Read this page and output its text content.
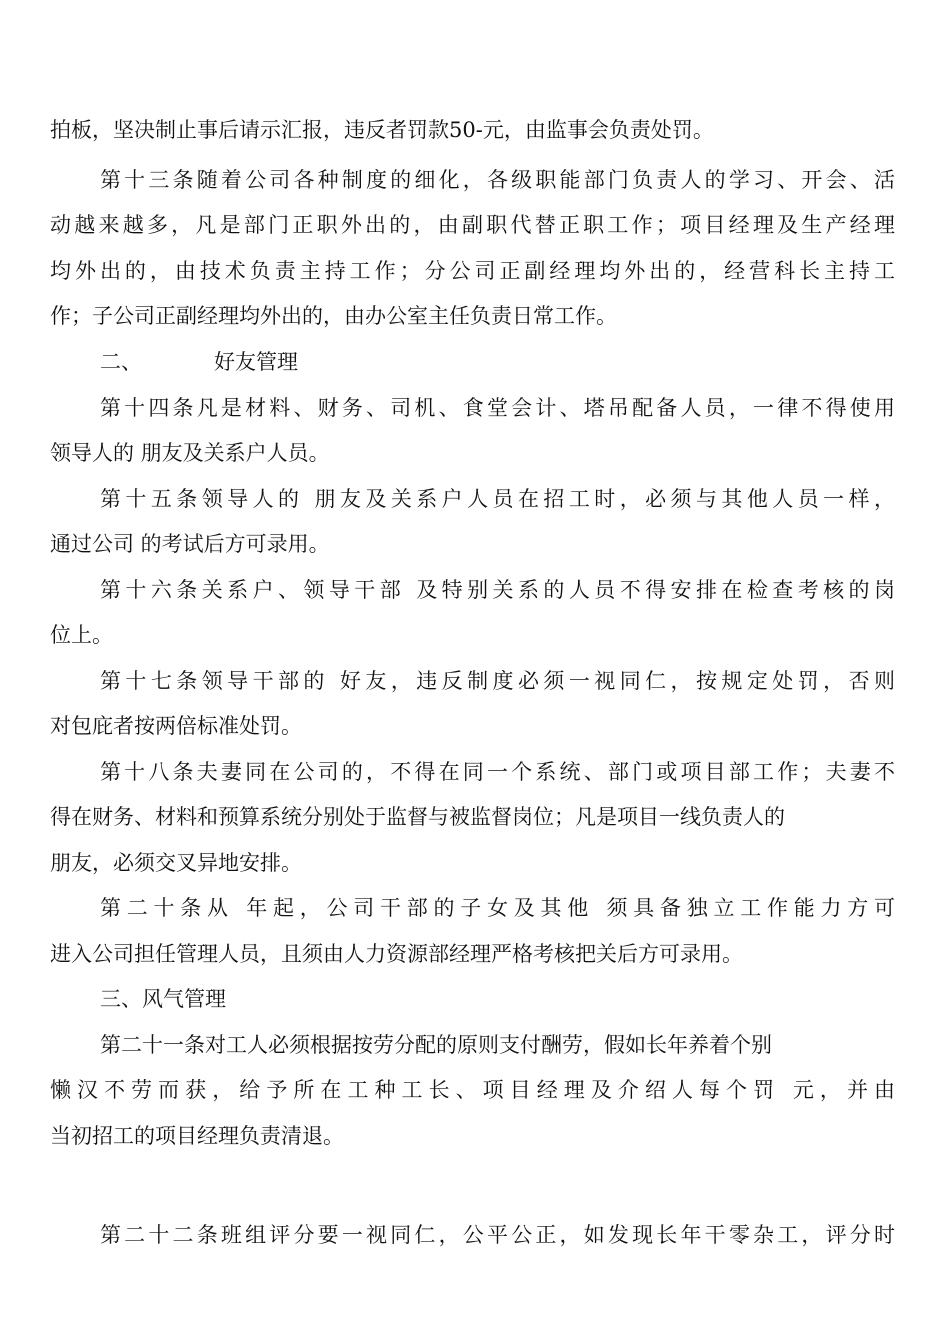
拍板，坚决制止事后请示汇报，违反者罚款50-元，由监事会负责处罚。
第十三条随着公司各种制度的细化，各级职能部门负责人的学习、开会、活
动越来越多，凡是部门正职外出的，由副职代替正职工作；项目经理及生产经理
均外出的，由技术负责主持工作；分公司正副经理均外出的，经营科长主持工
作；子公司正副经理均外出的，由办公室主任负责日常工作。
二、	好友管理
第十四条凡是材料、财务、司机、食堂会计、塔吊配备人员，一律不得使用
领导人的 朋友及关系户人员。
第十五条领导人的 朋友及关系户人员在招工时，必须与其他人员一样，
通过公司 的考试后方可录用。
第十六条关系户、领导干部 及特别关系的人员不得安排在检查考核的岗
位上。
第十七条领导干部的 好友，违反制度必须一视同仁，按规定处罚，否则
对包庇者按两倍标准处罚。
第十八条夫妻同在公司的，不得在同一个系统、部门或项目部工作；夫妻不
得在财务、材料和预算系统分别处于监督与被监督岗位；凡是项目一线负责人的
朋友，必须交叉异地安排。
第二十条从 年起，公司干部的子女及其他 须具备独立工作能力方可
进入公司担任管理人员，且须由人力资源部经理严格考核把关后方可录用。
三、风气管理
第二十一条对工人必须根据按劳分配的原则支付酬劳，假如长年养着个别
懒汉不劳而获，给予所在工种工长、项目经理及介绍人每个罚 元，并由
当初招工的项目经理负责清退。
第二十二条班组评分要一视同仁，公平公正，如发现长年干零杂工，评分时
